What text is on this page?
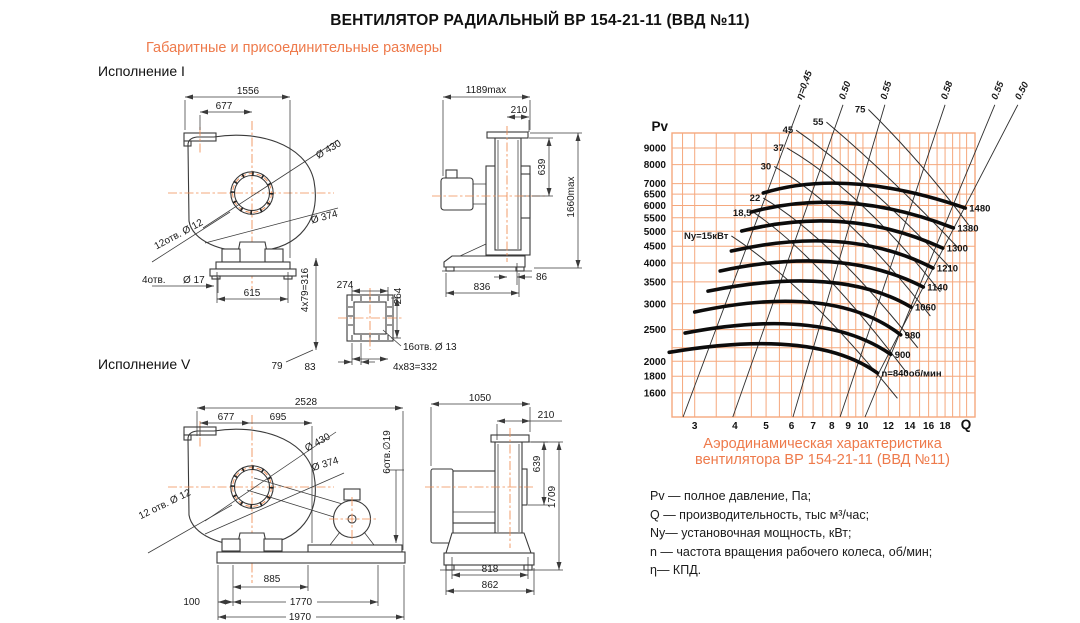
ВЕНТИЛЯТОР РАДИАЛЬНЫЙ ВР 154-21-11 (ВВД №11)
Габаритные и присоединительные размеры
Исполнение I
Исполнение V
1556
677
Ø 430
Ø 374
12отв. Ø 12
4отв. Ø 17
615
1189max
210
639
1660max
86
836
274
264
4x79=316
79 83
16отв. Ø 13
4x83=332
2528
677	695
Ø 430
Ø 374
12 отв. Ø 12
6отв.∅19
885
1770
1970
100
1050
210
639
1709
818
862
η=0,45 0.50	0.55	0.58	0.55 0.50
Ny=15кВт
18,5
22
30
37
45
55
75
1480
1380
1300
1210
1140
1060
980
900
n=840об/мин
3	4	5 6 7 8 9 10 12 14 16 18
9000
8000
7000
6500
6000
5500
5000
4500
4000
3500
3000
2500
2000
1800
1600
Pv
Q
Аэродинамическая характеристика
вентилятора ВР 154-21-11 (ВВД №11)
Pv — полное давление, Па;
Q — производительность, тыс м³/час;
Ny— установочная мощность, кВт;
n — частота вращения рабочего колеса, об/мин;
η— КПД.
